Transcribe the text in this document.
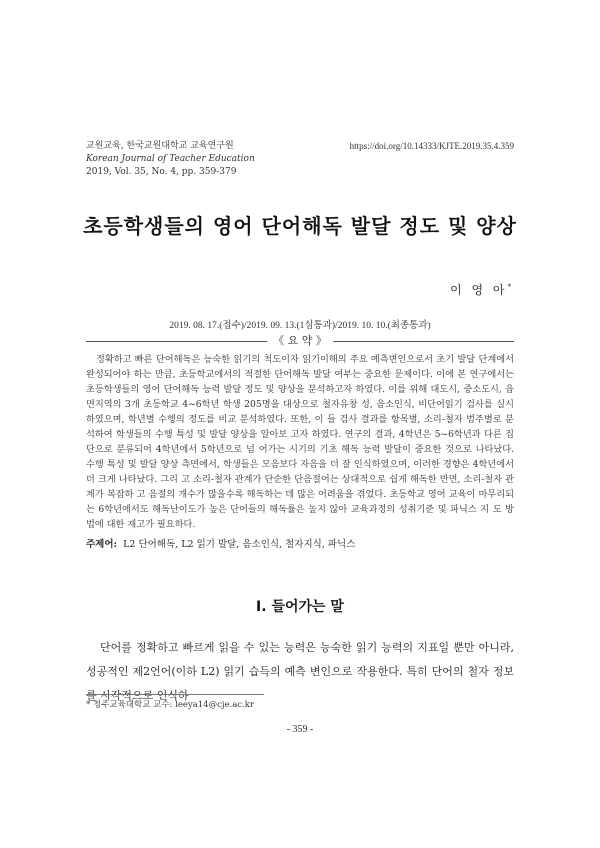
교원교육, 한국교원대학교 교육연구원
Korean Journal of Teacher Education
2019, Vol. 35, No. 4, pp. 359-379
https://doi.org/10.14333/KJTE.2019.35.4.359
초등학생들의 영어 단어해독 발달 정도 및 양상
이 영 아*
2019. 08. 17.(접수)/2019. 09. 13.(1심통과)/2019. 10. 10.(최종통과)
《 요 약 》

정확하고 빠른 단어해독은 능숙한 읽기의 척도이자 읽기이해의 주요 예측변인으로서 초기 발달 단계에서 완성되어야 하는 만큼, 초등학교에서의 적절한 단어해독 발달 여부는 중요한 문제이다. 이에 본 연구에서는 초등학생들의 영어 단어해독 능력 발달 정도 및 양상을 분석하고자 하였다. 이를 위해 대도시, 중소도시, 읍면지역의 3개 초등학교 4~6학년 학생 205명을 대상으로 철자유창 성, 음소인식, 비단어읽기 검사를 실시하였으며, 학년별 수행의 정도를 비교 분석하였다. 또한, 이 들 검사 결과를 항목별, 소리-철자 범주별로 분석하여 학생들의 수행 특성 및 발달 양상을 알아보 고자 하였다. 연구의 결과, 4학년은 5~6학년과 다른 집단으로 분류되어 4학년에서 5학년으로 넘 어가는 시기의 기초 해독 능력 발달이 중요한 것으로 나타났다. 수행 특성 및 발달 양상 측면에서, 학생들은 모음보다 자음을 더 잘 인식하였으며, 이러한 경향은 4학년에서 더 크게 나타났다. 그리 고 소리-철자 관계가 단순한 단음절어는 상대적으로 쉽게 해독한 반면, 소리-철자 관계가 복잡하 고 음절의 개수가 많을수록 해독하는 데 많은 어려움을 겪었다. 초등학교 영어 교육이 마무리되는 6학년에서도 해독난이도가 높은 단어들의 해독률은 높지 않아 교육과정의 성취기준 및 파닉스 지 도 방법에 대한 재고가 필요하다.

주제어: L2 단어해독, L2 읽기 발달, 음소인식, 철자지식, 파닉스
Ⅰ. 들어가는 말

단어를 정확하고 빠르게 읽을 수 있는 능력은 능숙한 읽기 능력의 지표일 뿐만 아니라, 성공적인 제2언어(이하 L2) 읽기 습득의 예측 변인으로 작용한다. 특히 단어의 철자 정보를 시각적으로 인식하

* 청주교육대학교 교수: leeya14@cje.ac.kr
- 359 -
